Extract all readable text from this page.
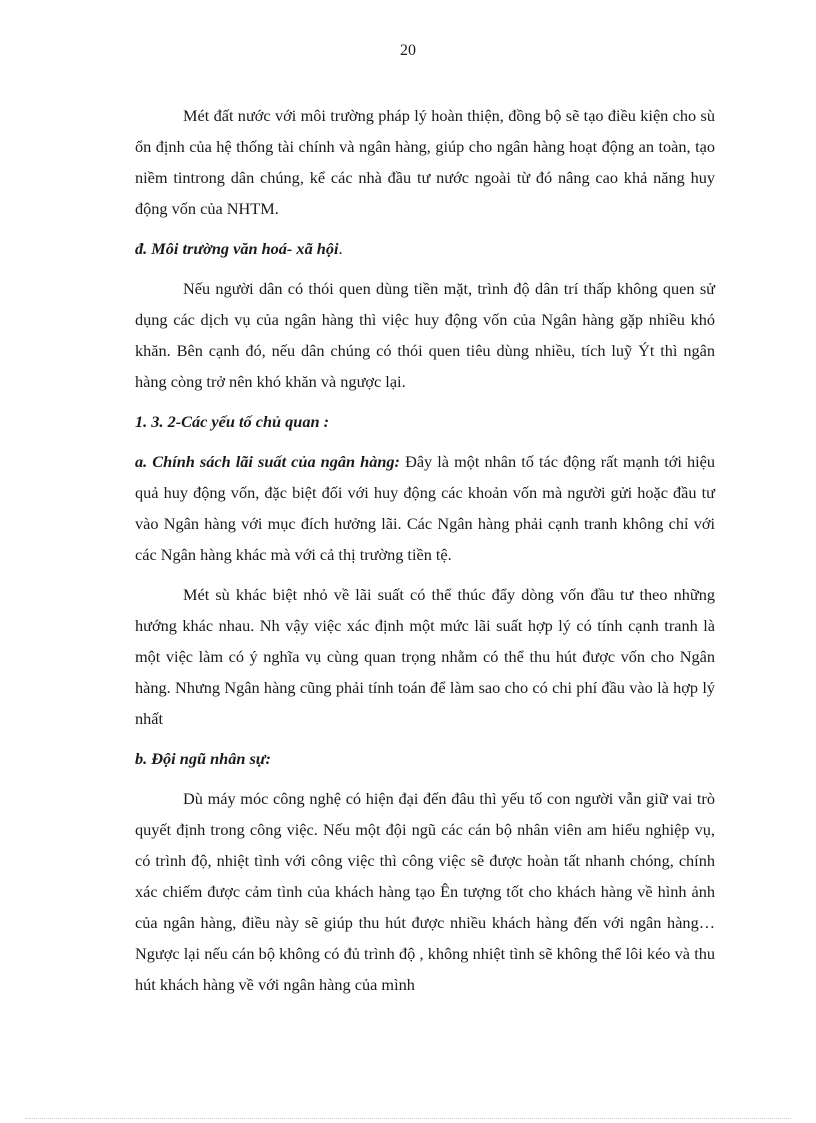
20

Mét đất nước với môi trường pháp lý hoàn thiện, đồng bộ sẽ tạo điều kiện cho sù ổn định của hệ thống tài chính và ngân hàng, giúp cho ngân hàng hoạt động an toàn, tạo niềm tintrong dân chúng, kể các nhà đầu tư nước ngoài từ đó nâng cao khả năng huy động vốn của NHTM.

đ. Môi trường văn hoá- xã hội.

Nếu người dân có thói quen dùng tiền mặt, trình độ dân trí thấp không quen sử dụng các dịch vụ của ngân hàng thì việc huy động vốn của Ngân hàng gặp nhiều khó khăn. Bên cạnh đó, nếu dân chúng có thói quen tiêu dùng nhiều, tích luỹ Ýt thì ngân hàng còng trở nên khó khăn và ngược lại.

1. 3. 2-Các yếu tố chủ quan :

a. Chính sách lãi suất của ngân hàng: Đây là một nhân tố tác động rất mạnh tới hiệu quả huy động vốn, đặc biệt đối với huy động các khoản vốn mà người gửi hoặc đầu tư vào Ngân hàng với mục đích hưởng lãi. Các Ngân hàng phải cạnh tranh không chỉ với các Ngân hàng khác mà với cả thị trường tiền tệ.

Mét sù khác biệt nhỏ về lãi suất có thể thúc đẩy dòng vốn đầu tư theo những hướng khác nhau. Nh vậy việc xác định một mức lãi suất hợp lý có tính cạnh tranh là một việc làm có ý nghĩa vụ cùng quan trọng nhằm có thể thu hút được vốn cho Ngân hàng. Nhưng Ngân hàng cũng phải tính toán để làm sao cho có chi phí đầu vào là hợp lý nhất

b. Đội ngũ nhân sự:

Dù máy móc công nghệ có hiện đại đến đâu thì yếu tố con người vẫn giữ vai trò quyết định trong công việc. Nếu một đội ngũ các cán bộ nhân viên am hiểu nghiệp vụ, có trình độ, nhiệt tình với công việc thì công việc sẽ được hoàn tất nhanh chóng, chính xác chiếm được cảm tình của khách hàng tạo Ên tượng tốt cho khách hàng về hình ảnh của ngân hàng, điều này sẽ giúp thu hút được nhiều khách hàng đến với ngân hàng…Ngược lại nếu cán bộ không có đủ trình độ , không nhiệt tình sẽ không thể lôi kéo và thu hút khách hàng về với ngân hàng của mình
